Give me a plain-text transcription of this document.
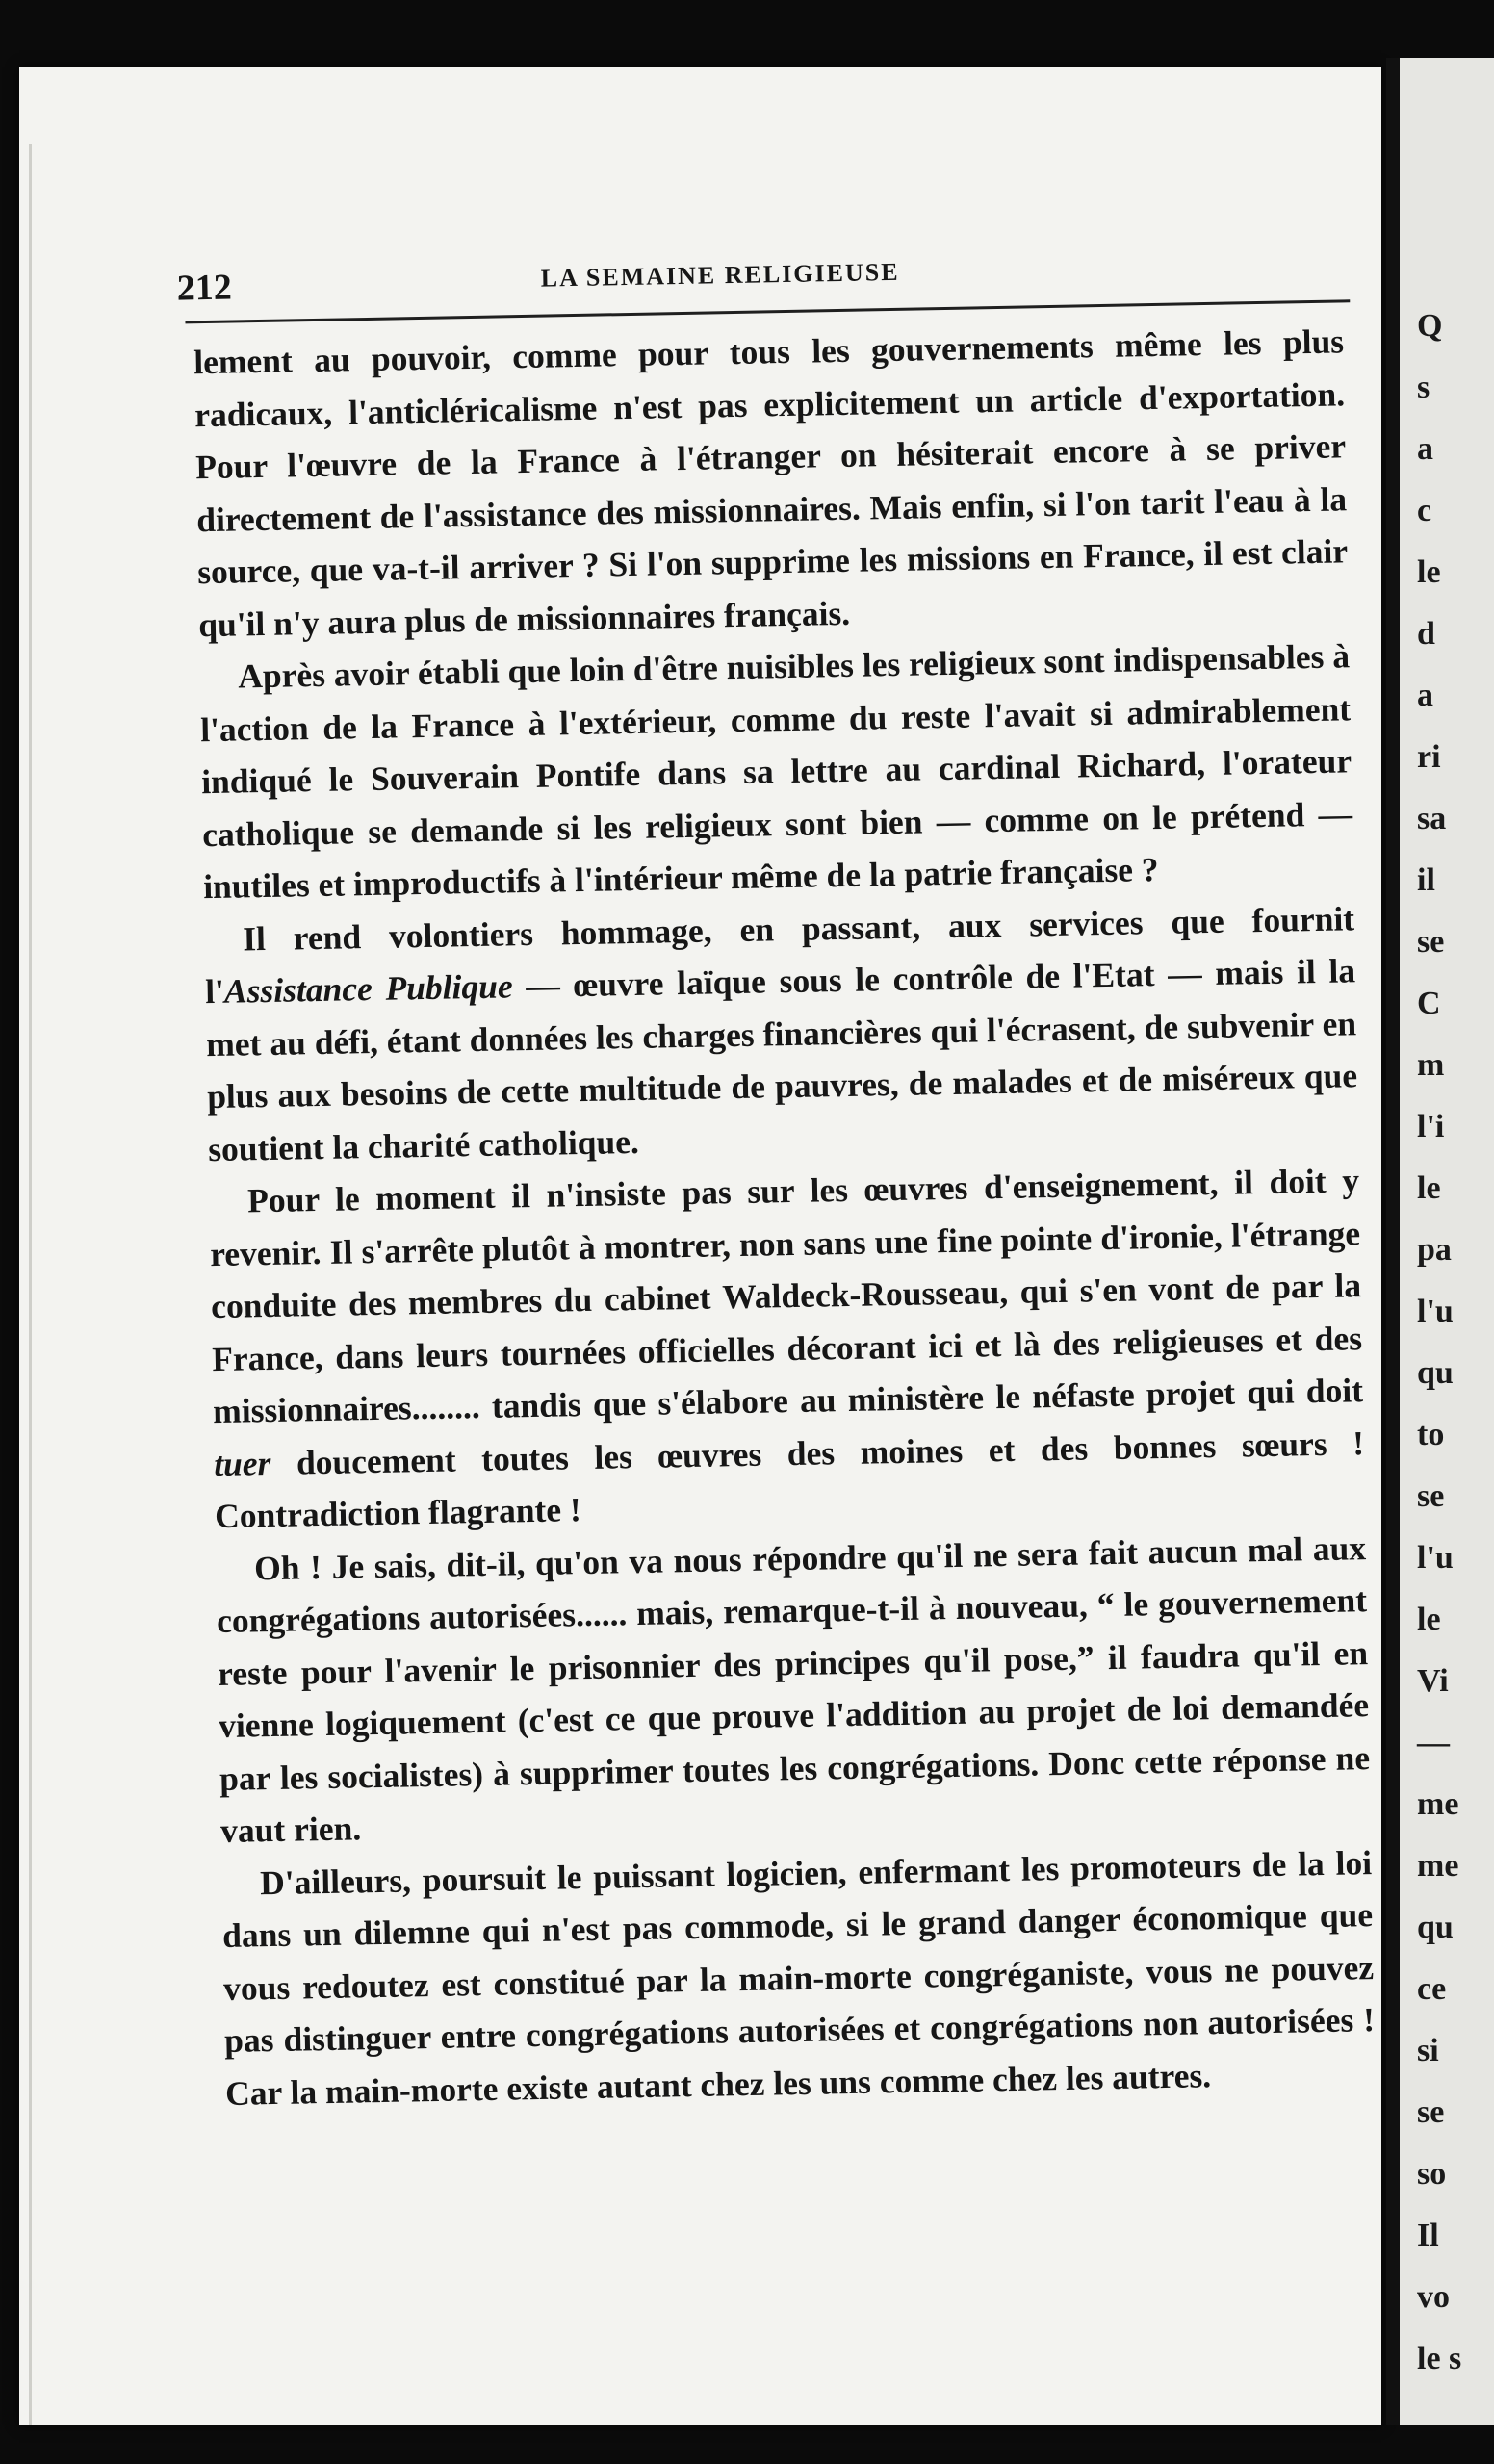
212	LA SEMAINE RELIGIEUSE

lement au pouvoir, comme pour tous les gouvernements même les plus radicaux, l'anticléricalisme n'est pas explicitement un article d'exportation. Pour l'œuvre de la France à l'étranger on hésiterait encore à se priver directement de l'assistance des missionnaires. Mais enfin, si l'on tarit l'eau à la source, que va-t-il arriver ? Si l'on supprime les missions en France, il est clair qu'il n'y aura plus de missionnaires français.

Après avoir établi que loin d'être nuisibles les religieux sont indispensables à l'action de la France à l'extérieur, comme du reste l'avait si admirablement indiqué le Souverain Pontife dans sa lettre au cardinal Richard, l'orateur catholique se demande si les religieux sont bien — comme on le prétend — inutiles et improductifs à l'intérieur même de la patrie française ?

Il rend volontiers hommage, en passant, aux services que fournit l'Assistance Publique — œuvre laïque sous le contrôle de l'Etat — mais il la met au défi, étant données les charges financières qui l'écrasent, de subvenir en plus aux besoins de cette multitude de pauvres, de malades et de miséreux que soutient la charité catholique.

Pour le moment il n'insiste pas sur les œuvres d'enseignement, il doit y revenir. Il s'arrête plutôt à montrer, non sans une fine pointe d'ironie, l'étrange conduite des membres du cabinet Waldeck-Rousseau, qui s'en vont de par la France, dans leurs tournées officielles décorant ici et là des religieuses et des missionnaires........ tandis que s'élabore au ministère le néfaste projet qui doit tuer doucement toutes les œuvres des moines et des bonnes sœurs ! Contradiction flagrante !

Oh ! Je sais, dit-il, qu'on va nous répondre qu'il ne sera fait aucun mal aux congrégations autorisées...... mais, remarque-t-il à nouveau, “ le gouvernement reste pour l'avenir le prisonnier des principes qu'il pose,” il faudra qu'il en vienne logiquement (c'est ce que prouve l'addition au projet de loi demandée par les socialistes) à supprimer toutes les congrégations. Donc cette réponse ne vaut rien.

D'ailleurs, poursuit le puissant logicien, enfermant les promoteurs de la loi dans un dilemne qui n'est pas commode, si le grand danger économique que vous redoutez est constitué par la main-morte congréganiste, vous ne pouvez pas distinguer entre congrégations autorisées et congrégations non autorisées ! Car la main-morte existe autant chez les uns comme chez les autres.

Q
s
a
c
le
d
a
ri
sa
il
se
C
m
l'i
le
pa
l'u
qu
to
se
l'u
le
Vi
—
me
me
qu
ce
si
se
so
Il
vo
le s
